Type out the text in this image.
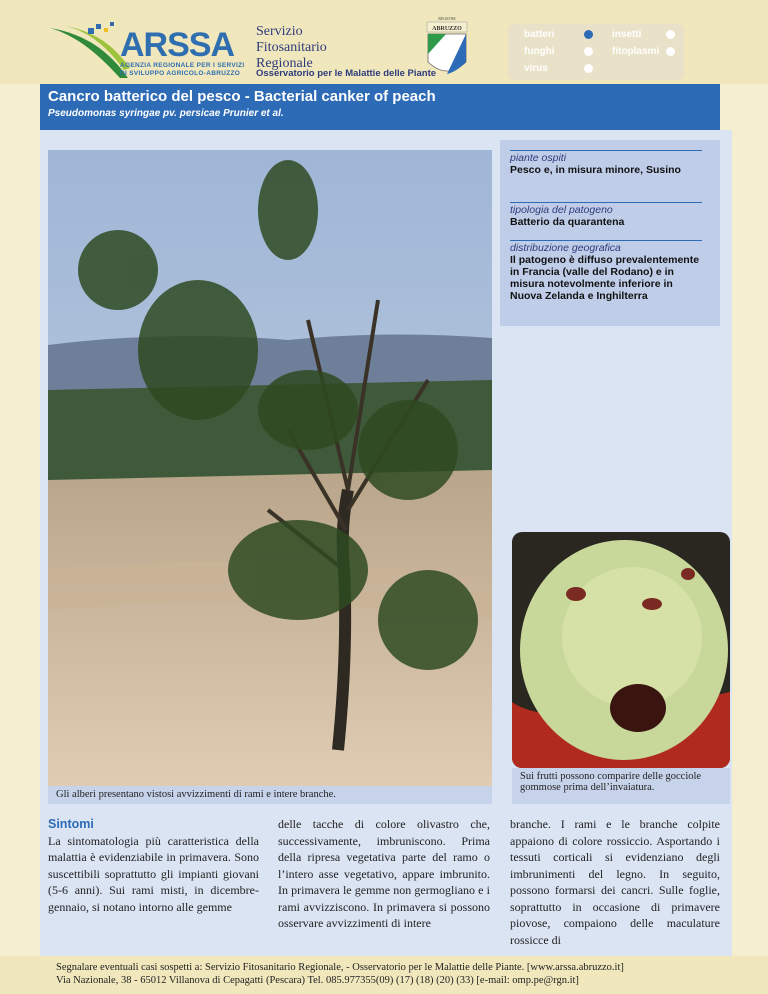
ARSSA
AGENZIA REGIONALE PER I SERVIZI
DI SVILUPPO AGRICOLO-ABRUZZO
Servizio
Fitosanitario
Regionale
Osservatorio per le Malattie delle Piante
REGIONE
ABRUZZO	batteri	insetti
funghi	fitoplasmi
virus
Cancro batterico del pesco - Bacterial canker of peach
Pseudomonas syringae pv. persicae Prunier et al.
Gli alberi presentano vistosi avvizzimenti di rami e intere branche.
Sui frutti possono comparire delle gocciole gommose prima dell’invaiatura.
piante ospiti
Pesco e, in misura minore, Susino
tipologia del patogeno
Batterio da quarantena
distribuzione geografica
Il patogeno è diffuso prevalentemente in Francia (valle del Rodano) e in misura notevolmente inferiore in Nuova Zelanda e Inghilterra
Sintomi
La sintomatologia più caratteristica della malattia è evidenziabile in primavera. Sono suscettibili soprattutto gli impianti giovani (5-6 anni). Sui rami misti, in dicembre-gennaio, si notano intorno alle gemme
delle tacche di colore olivastro che, successivamente, imbruniscono. Prima della ripresa vegetativa parte del ramo o l’intero asse vegetativo, appare imbrunito. In primavera le gemme non germogliano e i rami avvizziscono. In primavera si possono osservare avvizzimenti di intere
branche. I rami e le branche colpite appaiono di colore rossiccio. Asportando i tessuti corticali si evidenziano degli imbrunimenti del legno. In seguito, possono formarsi dei cancri. Sulle foglie, soprattutto in occasione di primavere piovose, compaiono delle maculature rossicce di
Segnalare eventuali casi sospetti a: Servizio Fitosanitario Regionale, - Osservatorio per le Malattie delle Piante. [www.arssa.abruzzo.it]
Via Nazionale, 38 - 65012 Villanova di Cepagatti (Pescara) Tel. 085.977355(09) (17) (18) (20) (33) [e-mail: omp.pe@rgn.it]
